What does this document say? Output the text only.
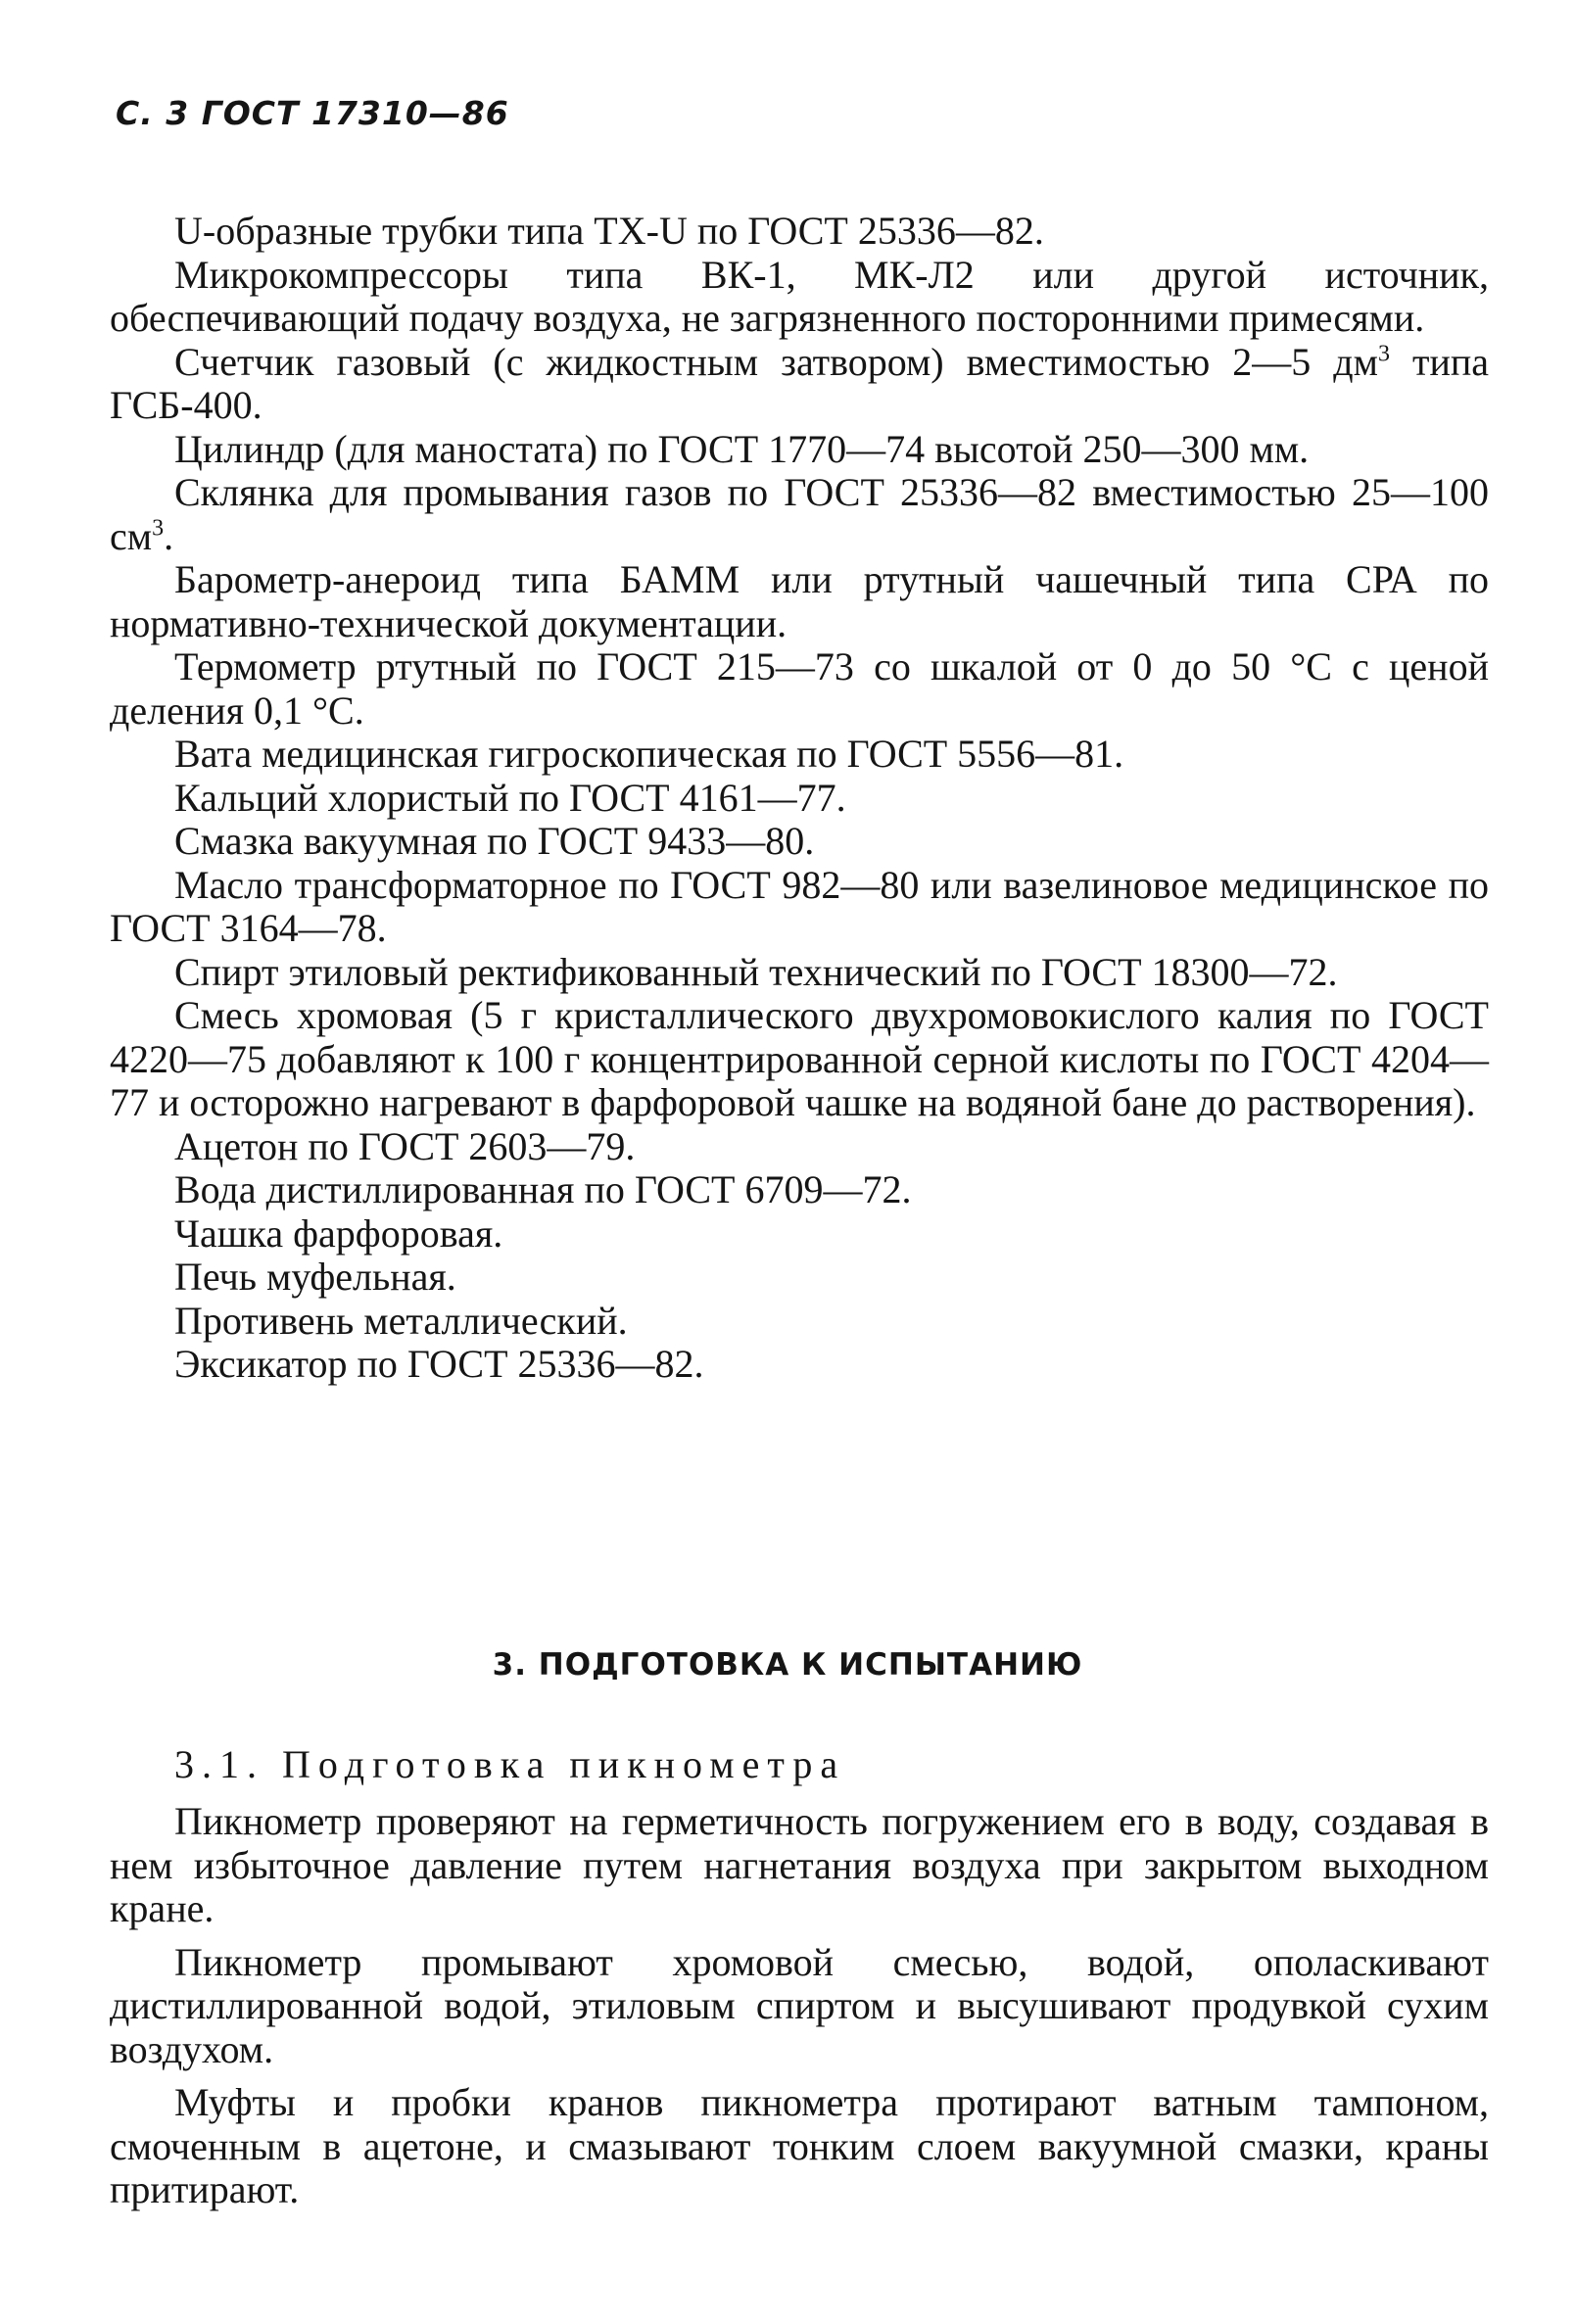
С. 3 ГОСТ 17310—86

U-образные трубки типа ТХ-U по ГОСТ 25336—82.

Микрокомпрессоры типа ВК-1, МК-Л2 или другой источник, обеспечивающий подачу воздуха, не загрязненного посторонними примесями.

Счетчик газовый (с жидкостным затвором) вместимостью 2—5 $дм^3$ типа ГСБ-400.

Цилиндр (для маностата) по ГОСТ 1770—74 высотой 250—300 мм.

Склянка для промывания газов по ГОСТ 25336—82 вместимостью 25—100 $см^3$.

Барометр-анероид типа БАММ или ртутный чашечный типа СРА по нормативно-технической документации.

Термометр ртутный по ГОСТ 215—73 со шкалой от 0 до 50 °С с ценой деления 0,1 °С.

Вата медицинская гигроскопическая по ГОСТ 5556—81.

Кальций хлористый по ГОСТ 4161—77.

Смазка вакуумная по ГОСТ 9433—80.

Масло трансформаторное по ГОСТ 982—80 или вазелиновое медицинское по ГОСТ 3164—78.

Спирт этиловый ректификованный технический по ГОСТ 18300—72.

Смесь хромовая (5 г кристаллического двухромовокислого калия по ГОСТ 4220—75 добавляют к 100 г концентрированной серной кислоты по ГОСТ 4204—77 и осторожно нагревают в фарфоровой чашке на водяной бане до растворения).

Ацетон по ГОСТ 2603—79.

Вода дистиллированная по ГОСТ 6709—72.

Чашка фарфоровая.

Печь муфельная.

Противень металлический.

Эксикатор по ГОСТ 25336—82.

3. ПОДГОТОВКА К ИСПЫТАНИЮ
3.1. Подготовка пикнометра

Пикнометр проверяют на герметичность погружением его в воду, создавая в нем избыточное давление путем нагнетания воздуха при закрытом выходном кране.

Пикнометр промывают хромовой смесью, водой, ополаскивают дистиллированной водой, этиловым спиртом и высушивают продувкой сухим воздухом.

Муфты и пробки кранов пикнометра протирают ватным тампоном, смоченным в ацетоне, и смазывают тонким слоем вакуумной смазки, краны притирают.
